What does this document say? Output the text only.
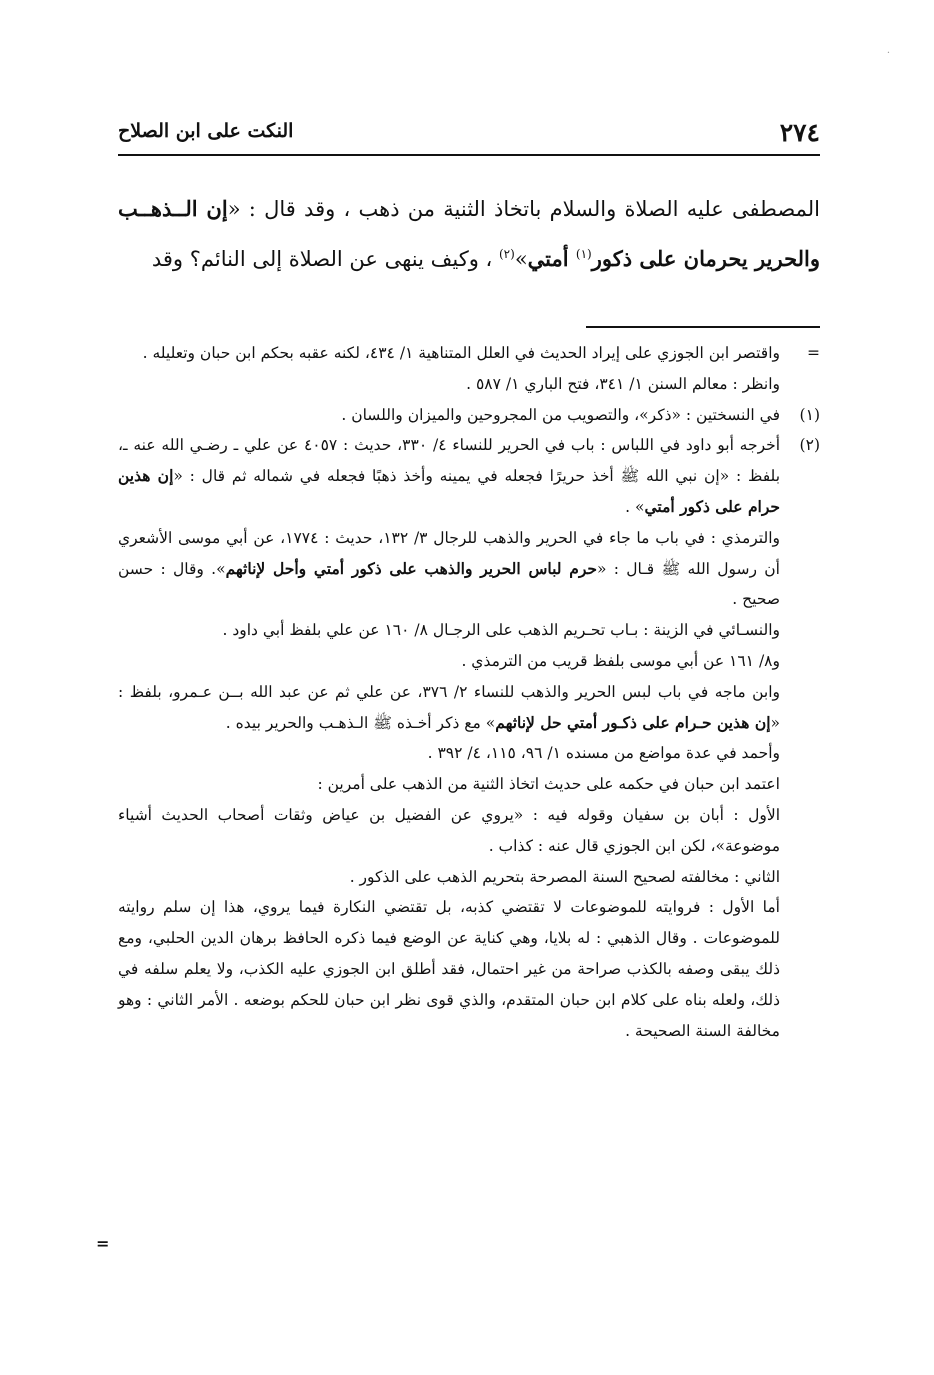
·
٢٧٤
النكت على ابن الصلاح

المصطفى عليه الصلاة والسلام باتخاذ الثنية من ذهب ، وقد قال : «إن الــذهــب والحرير يحرمان على ذكور$^{(١)}$ أمتي»$^{(٢)}$ ، وكيف ينهى عن الصلاة إلى النائم؟ وقد

=
واقتصر ابن الجوزي على إيراد الحديث في العلل المتناهية ١/ ٤٣٤، لكنه عقبه بحكم ابن حبان وتعليله .

وانظر : معالم السنن ١/ ٣٤١، فتح الباري ١/ ٥٨٧ .

(١)
في النسختين : «ذكر»، والتصويب من المجروحين والميزان واللسان .

(٢)
أخرجه أبو داود في اللباس : باب في الحرير للنساء ٤/ ٣٣٠، حديث : ٤٠٥٧ عن علي ـ رضـي الله عنه ـ، بلفظ : «إن نبي الله ﷺ أخذ حريرًا فجعله في يمينه وأخذ ذهبًا فجعله في شماله ثم قال : «إن هذين حرام على ذكور أمتي» .

والترمذي : في باب ما جاء في الحرير والذهب للرجال ٣/ ١٣٢، حديث : ١٧٧٤، عن أبي موسى الأشعري أن رسول الله ﷺ قـال : «حرم لباس الحرير والذهب على ذكور أمتي وأحل لإناثهم». وقال : حسن صحيح .

والنسـائي في الزينة : بـاب تحـريم الذهب على الرجـال ٨/ ١٦٠ عن علي بلفظ أبي داود .

و٨/ ١٦١ عن أبي موسى بلفظ قريب من الترمذي .

وابن ماجه في باب لبس الحرير والذهب للنساء ٢/ ٣٧٦، عن علي ثم عن عبد الله بــن عـمرو، بلفظ : «إن هذين حـرام على ذكـور أمتي حل لإناثهم» مع ذكر أخـذه ﷺ الـذهـب والحرير بيده .

وأحمد في عدة مواضع من مسنده ١/ ٩٦، ١١٥، ٤/ ٣٩٢ .

اعتمد ابن حبان في حكمه على حديث اتخاذ الثنية من الذهب على أمرين :

الأول : أبان بن سفيان وقوله فيه : «يروي عن الفضيل بن عياض وثقات أصحاب الحديث أشياء موضوعة»، لكن ابن الجوزي قال عنه : كذاب .

الثاني : مخالفته لصحيح السنة المصرحة بتحريم الذهب على الذكور .

أما الأول : فروايته للموضوعات لا تقتضي كذبه، بل تقتضي النكارة فيما يروي، هذا إن سلم روايته للموضوعات . وقال الذهبي : له بلايا، وهي كناية عن الوضع فيما ذكره الحافظ برهان الدين الحلبي، ومع ذلك يبقى وصفه بالكذب صراحة من غير احتمال، فقد أطلق ابن الجوزي عليه الكذب، ولا يعلم سلفه في ذلك، ولعله بناه على كلام ابن حبان المتقدم، والذي قوى نظر ابن حبان للحكم بوضعه . الأمر الثاني : وهو مخالفة السنة الصحيحة .

=
